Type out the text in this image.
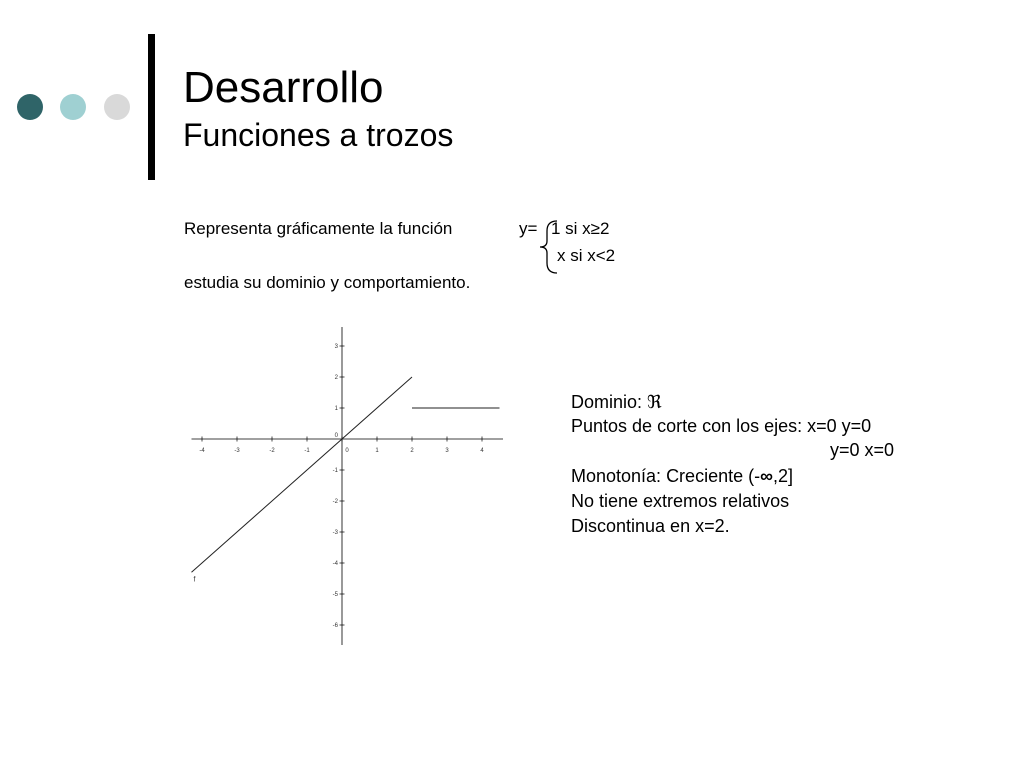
Desarrollo
Funciones a trozos
Representa gráficamente la función	y= 1 si x≥2
x si x<2
estudia su dominio y comportamiento.
-4	-3	-2	-1	0	1	2	3	4
3
2
1
-1
-2
-3
-4
-5
-6
0
f
Dominio: ℜ
Puntos de corte con los ejes: x=0 y=0
y=0 x=0
Monotonía: Creciente (-∞,2]
No tiene extremos relativos
Discontinua en x=2.
